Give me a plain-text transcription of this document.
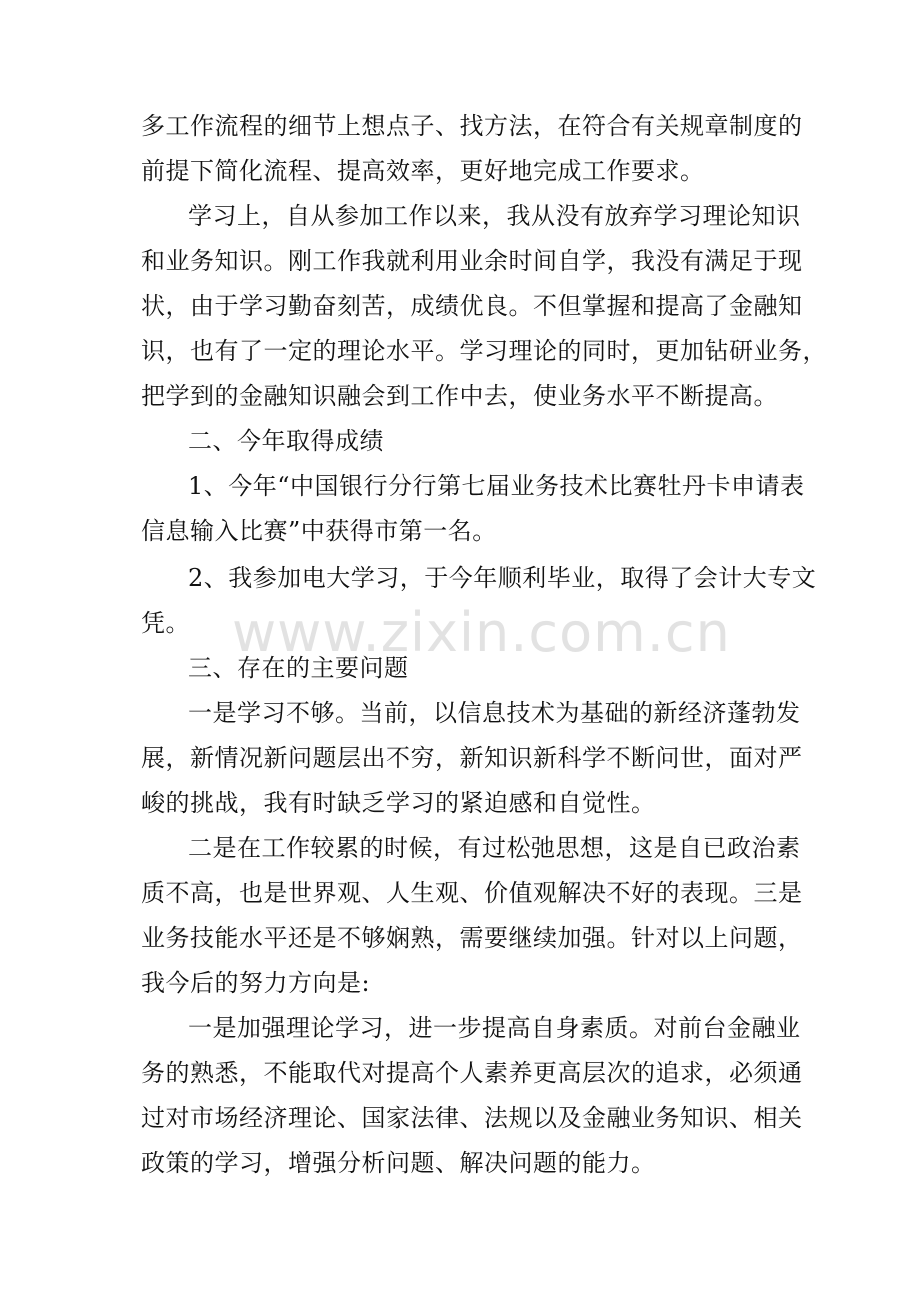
多工作流程的细节上想点子、找方法，在符合有关规章制度的
前提下简化流程、提高效率，更好地完成工作要求。
学习上，自从参加工作以来，我从没有放弃学习理论知识
和业务知识。刚工作我就利用业余时间自学，我没有满足于现
状，由于学习勤奋刻苦，成绩优良。不但掌握和提高了金融知
识，也有了一定的理论水平。学习理论的同时，更加钻研业务，
把学到的金融知识融会到工作中去，使业务水平不断提高。
二、今年取得成绩
1、今年“中国银行分行第七届业务技术比赛牡丹卡申请表
信息输入比赛”中获得市第一名。
2、我参加电大学习，于今年顺利毕业，取得了会计大专文
凭。
三、存在的主要问题
一是学习不够。当前，以信息技术为基础的新经济蓬勃发
展，新情况新问题层出不穷，新知识新科学不断问世，面对严
峻的挑战，我有时缺乏学习的紧迫感和自觉性。
二是在工作较累的时候，有过松弛思想，这是自已政治素
质不高，也是世界观、人生观、价值观解决不好的表现。三是
业务技能水平还是不够娴熟，需要继续加强。针对以上问题，
我今后的努力方向是:
一是加强理论学习，进一步提高自身素质。对前台金融业
务的熟悉，不能取代对提高个人素养更高层次的追求，必须通
过对市场经济理论、国家法律、法规以及金融业务知识、相关
政策的学习，增强分析问题、解决问题的能力。
www.zixin.com.cn
